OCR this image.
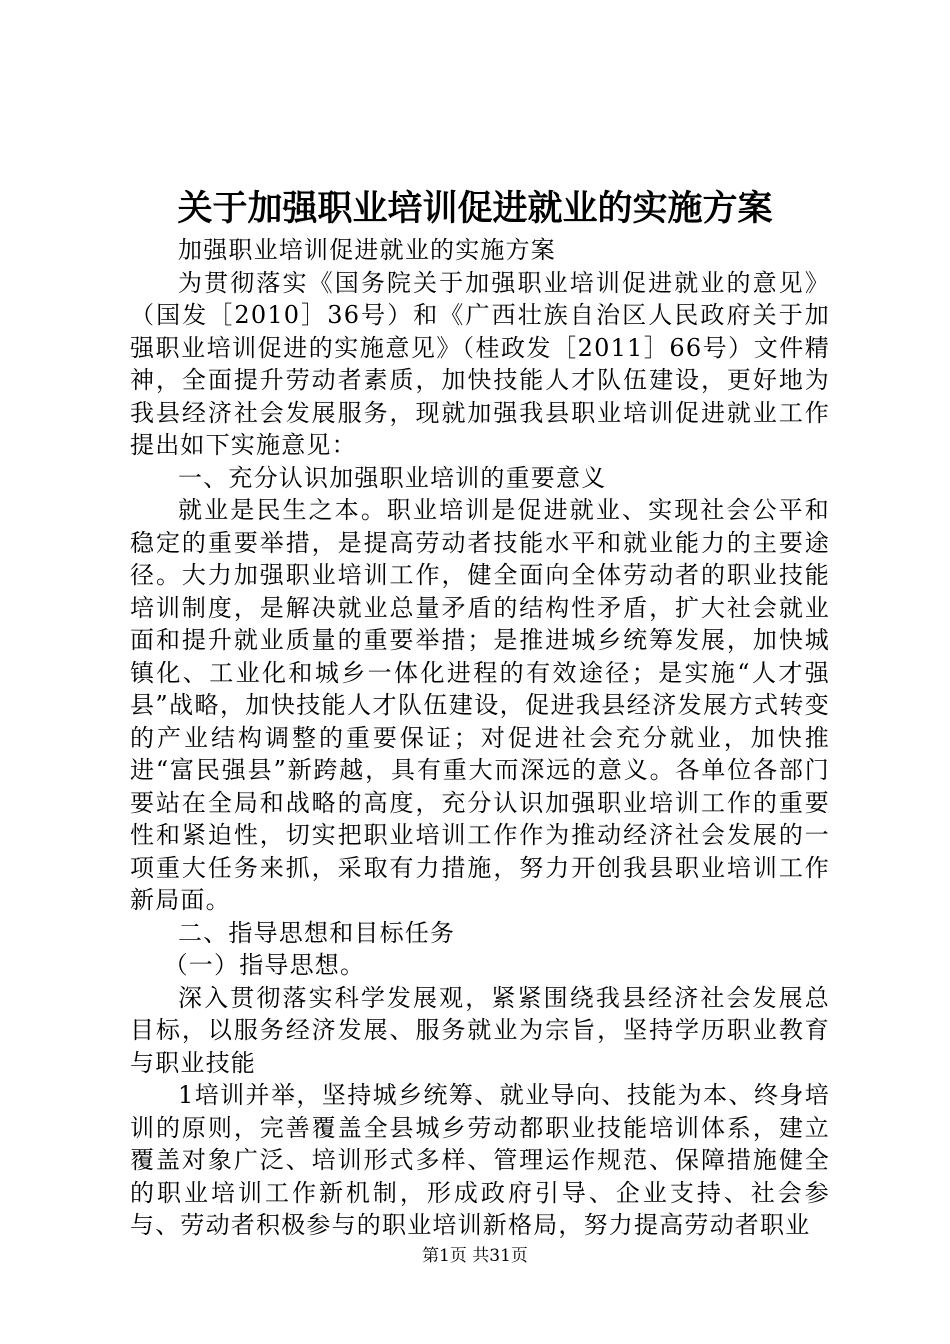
关于加强职业培训促进就业的实施方案

加强职业培训促进就业的实施方案

为贯彻落实《国务院关于加强职业培训促进就业的意见》（国发［2010］36号）和《广西壮族自治区人民政府关于加强职业培训促进的实施意见》（桂政发［2011］66号）文件精神，全面提升劳动者素质，加快技能人才队伍建设，更好地为我县经济社会发展服务，现就加强我县职业培训促进就业工作提出如下实施意见：

一、充分认识加强职业培训的重要意义

就业是民生之本。职业培训是促进就业、实现社会公平和稳定的重要举措，是提高劳动者技能水平和就业能力的主要途径。大力加强职业培训工作，健全面向全体劳动者的职业技能培训制度，是解决就业总量矛盾的结构性矛盾，扩大社会就业面和提升就业质量的重要举措；是推进城乡统筹发展，加快城镇化、工业化和城乡一体化进程的有效途径；是实施“人才强县”战略，加快技能人才队伍建设，促进我县经济发展方式转变的产业结构调整的重要保证；对促进社会充分就业，加快推进“富民强县”新跨越，具有重大而深远的意义。各单位各部门要站在全局和战略的高度，充分认识加强职业培训工作的重要性和紧迫性，切实把职业培训工作作为推动经济社会发展的一项重大任务来抓，采取有力措施，努力开创我县职业培训工作新局面。

二、指导思想和目标任务

（一）指导思想。

深入贯彻落实科学发展观，紧紧围绕我县经济社会发展总目标，以服务经济发展、服务就业为宗旨，坚持学历职业教育与职业技能

1培训并举，坚持城乡统筹、就业导向、技能为本、终身培训的原则，完善覆盖全县城乡劳动都职业技能培训体系，建立覆盖对象广泛、培训形式多样、管理运作规范、保障措施健全的职业培训工作新机制，形成政府引导、企业支持、社会参与、劳动者积极参与的职业培训新格局，努力提高劳动者职业

第1页 共31页
